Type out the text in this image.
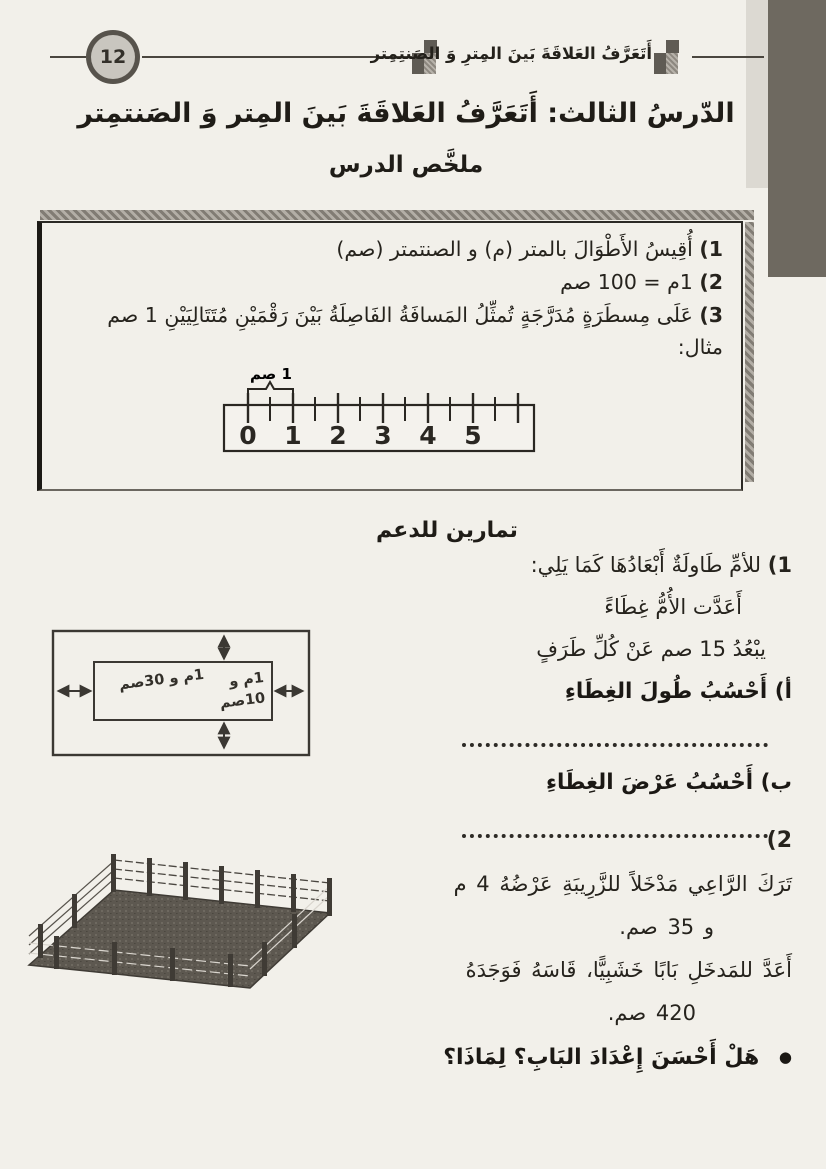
12	أَتَعَرَّفُ العَلاقَةَ بَينَ المِترِ وَ الصَنتِمِتر
الدّرسُ الثالث: أَتَعَرَّفُ العَلاقَةَ بَينَ المِتر وَ الصَنتمِتر
ملخَّص الدرس
1) أُقِيسُ الأَطْوَالَ بالمتر (م) و الصنتمتر (صم)
2) 1م = 100 صم
3) عَلَى مِسطَرَةٍ مُدَرَّجَةٍ تُمثِّلُ المَسافَةُ الفَاصِلَةُ بَيْنَ رَقْمَيْنِ مُتَتَالِيَيْنِ 1 صم
مثال:
1 صم
0 1 2 3 4 5
تمارين للدعم
1) للأمِّ طَاولَةٌ أَبْعَادُهَا كَمَا يَلِي:
أَعَدَّت الأُمُّ غِطَاءً
يبْعُدُ 15 صم عَنْ كُلِّ طَرَفٍ
أ) أَحْسُبُ طُولَ الغِطَاءِ
ب) أَحْسُبُ عَرْضَ الغِطَاءِ
1م و 30صم 1م و
10صم
2)
تَرَكَ الرَّاعِي مَدْخَلاً للزَّرِيبَةِ عَرْضُهُ 4 م
و 35 صم.
أَعَدَّ للمَدخَلِ بَابًا خَشَبِيًّا، قَاسَهُ فَوَجَدَهُ
420 صم.
● هَلْ أَحْسَنَ إِعْدَادَ البَابِ؟ لِمَاذَا؟
